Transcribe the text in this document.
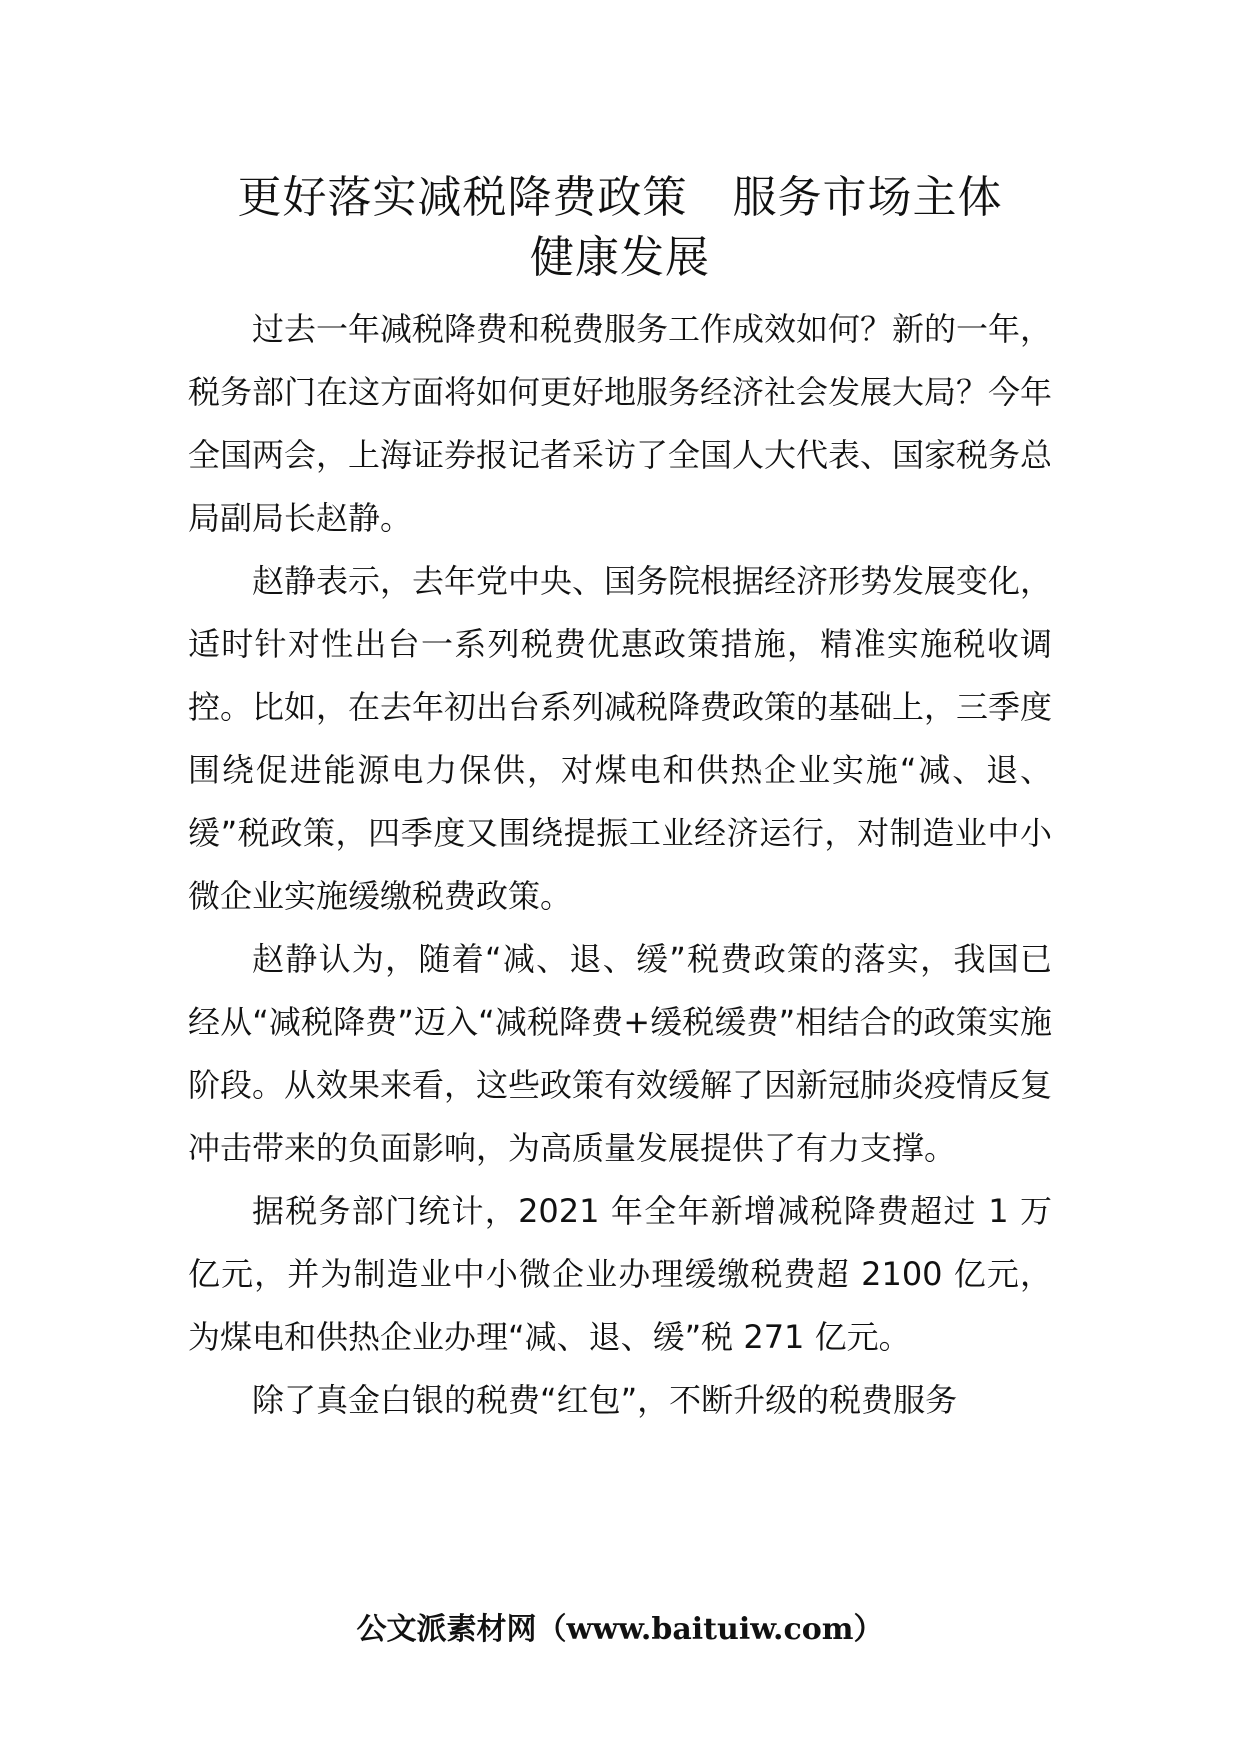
更好落实减税降费政策　服务市场主体
健康发展

过去一年减税降费和税费服务工作成效如何？新的一年，税务部门在这方面将如何更好地服务经济社会发展大局？今年全国两会，上海证券报记者采访了全国人大代表、国家税务总局副局长赵静。

赵静表示，去年党中央、国务院根据经济形势发展变化，适时针对性出台一系列税费优惠政策措施，精准实施税收调控。比如，在去年初出台系列减税降费政策的基础上，三季度围绕促进能源电力保供，对煤电和供热企业实施“减、退、缓”税政策，四季度又围绕提振工业经济运行，对制造业中小微企业实施缓缴税费政策。

赵静认为，随着“减、退、缓”税费政策的落实，我国已经从“减税降费”迈入“减税降费+缓税缓费”相结合的政策实施阶段。从效果来看，这些政策有效缓解了因新冠肺炎疫情反复冲击带来的负面影响，为高质量发展提供了有力支撑。

据税务部门统计，2021 年全年新增减税降费超过 1 万亿元，并为制造业中小微企业办理缓缴税费超 2100 亿元，为煤电和供热企业办理“减、退、缓”税 271 亿元。

除了真金白银的税费“红包”，不断升级的税费服务

公文派素材网（www.baituiw.com）
